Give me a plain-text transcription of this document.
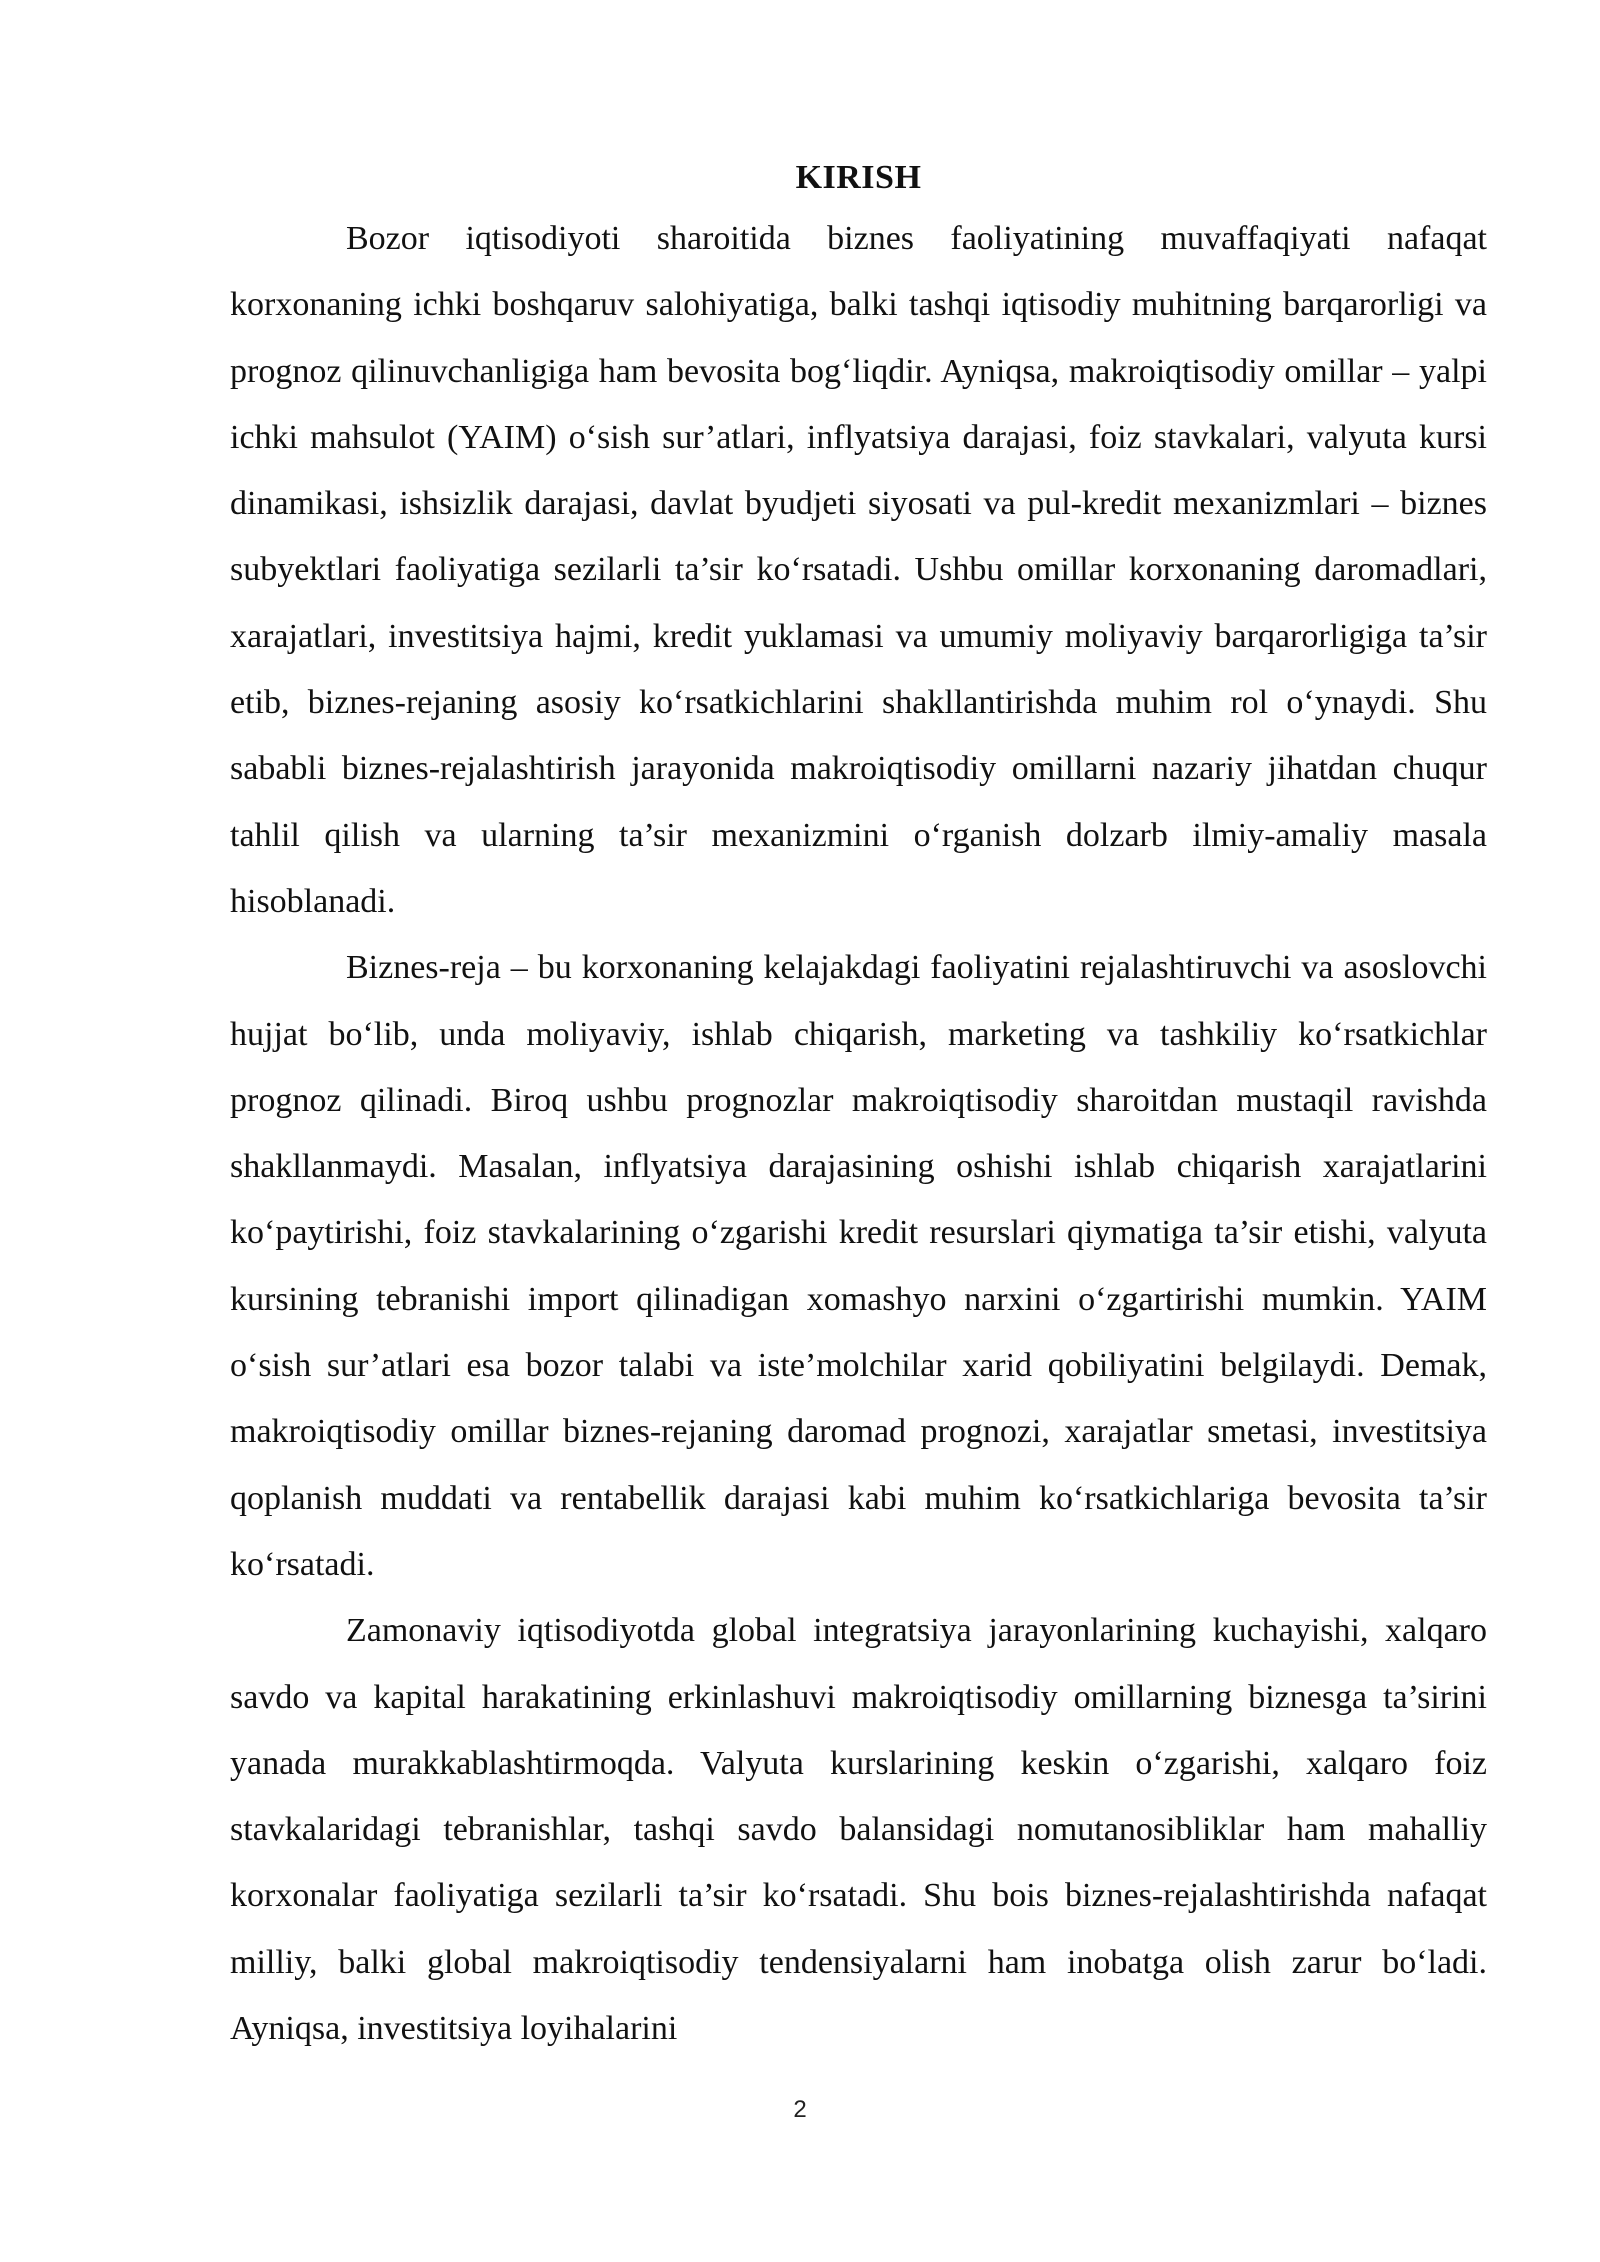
KIRISH

Bozor iqtisodiyoti sharoitida biznes faoliyatining muvaffaqiyati nafaqat korxonaning ichki boshqaruv salohiyatiga, balki tashqi iqtisodiy muhitning barqarorligi va prognoz qilinuvchanligiga ham bevosita bog‘liqdir. Ayniqsa, makroiqtisodiy omillar – yalpi ichki mahsulot (YAIM) o‘sish sur’atlari, inflyatsiya darajasi, foiz stavkalari, valyuta kursi dinamikasi, ishsizlik darajasi, davlat byudjeti siyosati va pul-kredit mexanizmlari – biznes subyektlari faoliyatiga sezilarli ta’sir ko‘rsatadi. Ushbu omillar korxonaning daromadlari, xarajatlari, investitsiya hajmi, kredit yuklamasi va umumiy moliyaviy barqarorligiga ta’sir etib, biznes-rejaning asosiy ko‘rsatkichlarini shakllantirishda muhim rol o‘ynaydi. Shu sababli biznes-rejalashtirish jarayonida makroiqtisodiy omillarni nazariy jihatdan chuqur tahlil qilish va ularning ta’sir mexanizmini o‘rganish dolzarb ilmiy-amaliy masala hisoblanadi.

Biznes-reja – bu korxonaning kelajakdagi faoliyatini rejalashtiruvchi va asoslovchi hujjat bo‘lib, unda moliyaviy, ishlab chiqarish, marketing va tashkiliy ko‘rsatkichlar prognoz qilinadi. Biroq ushbu prognozlar makroiqtisodiy sharoitdan mustaqil ravishda shakllanmaydi. Masalan, inflyatsiya darajasining oshishi ishlab chiqarish xarajatlarini ko‘paytirishi, foiz stavkalarining o‘zgarishi kredit resurslari qiymatiga ta’sir etishi, valyuta kursining tebranishi import qilinadigan xomashyo narxini o‘zgartirishi mumkin. YAIM o‘sish sur’atlari esa bozor talabi va iste’molchilar xarid qobiliyatini belgilaydi. Demak, makroiqtisodiy omillar biznes-rejaning daromad prognozi, xarajatlar smetasi, investitsiya qoplanish muddati va rentabellik darajasi kabi muhim ko‘rsatkichlariga bevosita ta’sir ko‘rsatadi.

Zamonaviy iqtisodiyotda global integratsiya jarayonlarining kuchayishi, xalqaro savdo va kapital harakatining erkinlashuvi makroiqtisodiy omillarning biznesga ta’sirini yanada murakkablashtirmoqda. Valyuta kurslarining keskin o‘zgarishi, xalqaro foiz stavkalaridagi tebranishlar, tashqi savdo balansidagi nomutanosibliklar ham mahalliy korxonalar faoliyatiga sezilarli ta’sir ko‘rsatadi. Shu bois biznes-rejalashtirishda nafaqat milliy, balki global makroiqtisodiy tendensiyalarni ham inobatga olish zarur bo‘ladi. Ayniqsa, investitsiya loyihalarini

2
